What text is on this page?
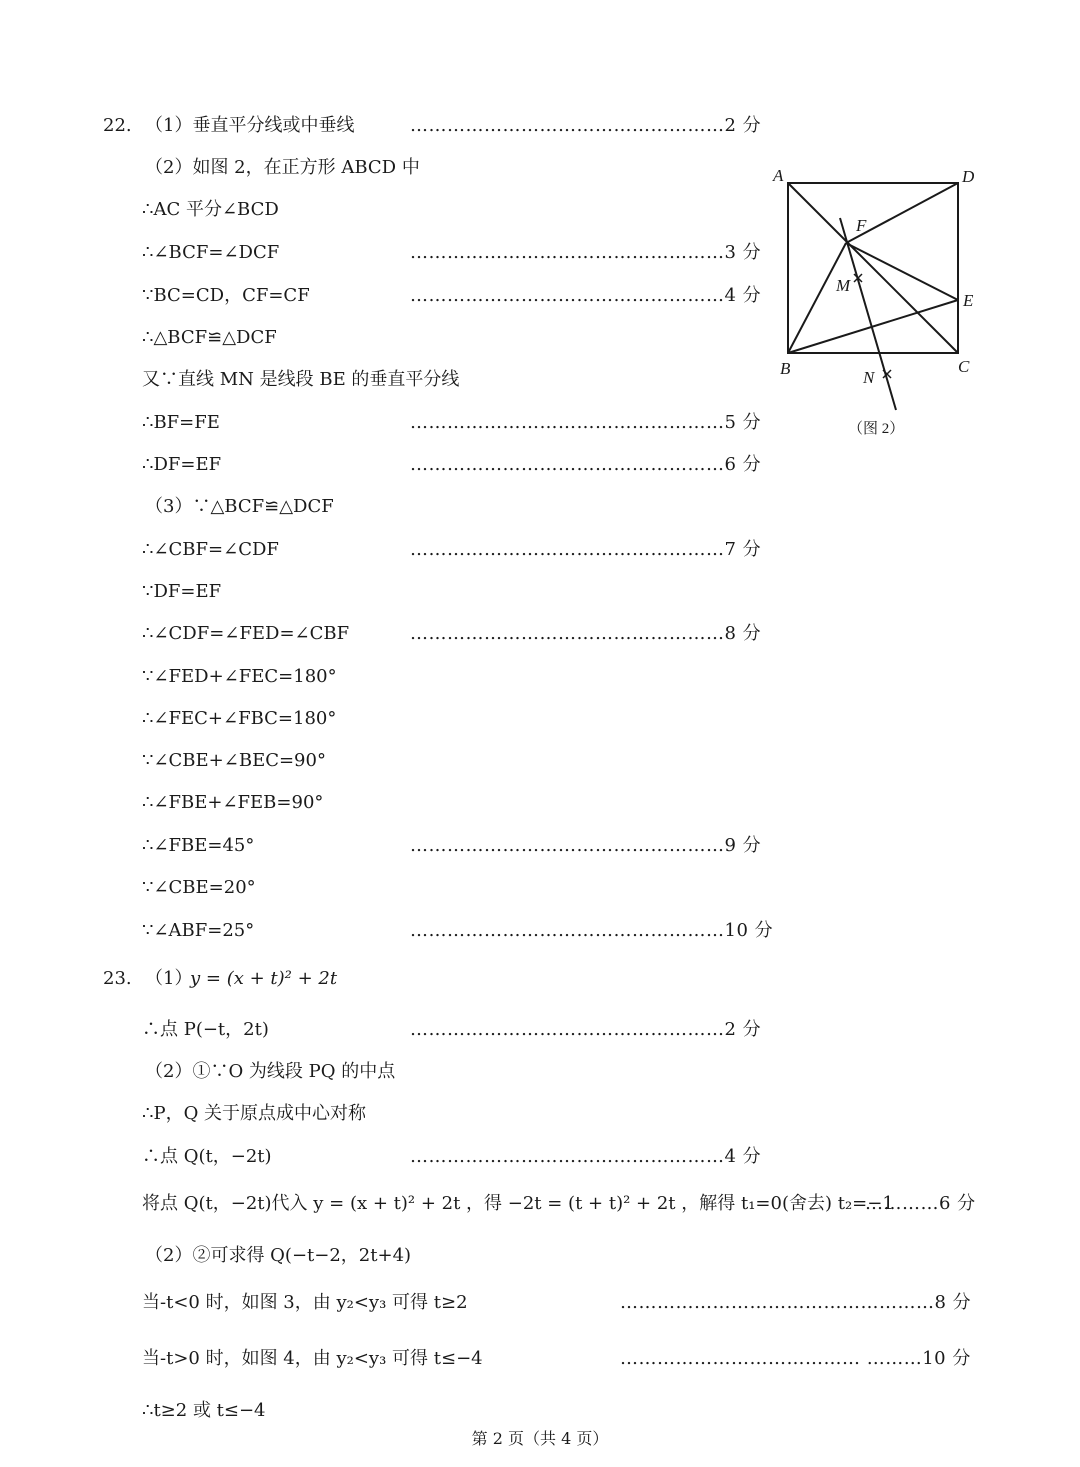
22. （1）垂直平分线或中垂线	……………………………………………2 分
（2）如图 2，在正方形 ABCD 中
∴AC 平分∠BCD
∴∠BCF=∠DCF	……………………………………………3 分
∵BC=CD，CF=CF	……………………………………………4 分
∴△BCF≌△DCF
又∵直线 MN 是线段 BE 的垂直平分线
∴BF=FE	……………………………………………5 分
∴DF=EF	……………………………………………6 分
（3）∵△BCF≌△DCF
∴∠CBF=∠CDF	……………………………………………7 分
∵DF=EF
∴∠CDF=∠FED=∠CBF	……………………………………………8 分
∵∠FED+∠FEC=180°
∴∠FEC+∠FBC=180°
∵∠CBE+∠BEC=90°
∴∠FBE+∠FEB=90°
∴∠FBE=45°	……………………………………………9 分
∵∠CBE=20°
∵∠ABF=25°	……………………………………………10 分
A	D
B	C
E
F
M
N
（图 2）
23. （1）
y = (x + t)² + 2t
∴点 P(−t，2t)	……………………………………………2 分
（2）①∵O 为线段 PQ 的中点
∴P，Q 关于原点成中心对称
∴点 Q(t，−2t)	……………………………………………4 分
将点 Q(t，−2t)代入 y = (x + t)² + 2t ，得 −2t = (t + t)² + 2t ，解得 t₁=0(舍去) t₂=−1
…………6 分
（2）②可求得 Q(−t−2，2t+4)
当-t<0 时，如图 3，由 y₂<y₃ 可得 t≥2	……………………………………………8 分
当-t>0 时，如图 4，由 y₂<y₃ 可得 t≤−4	………………………………… ………10 分
∴t≥2 或 t≤−4
第 2 页（共 4 页）
